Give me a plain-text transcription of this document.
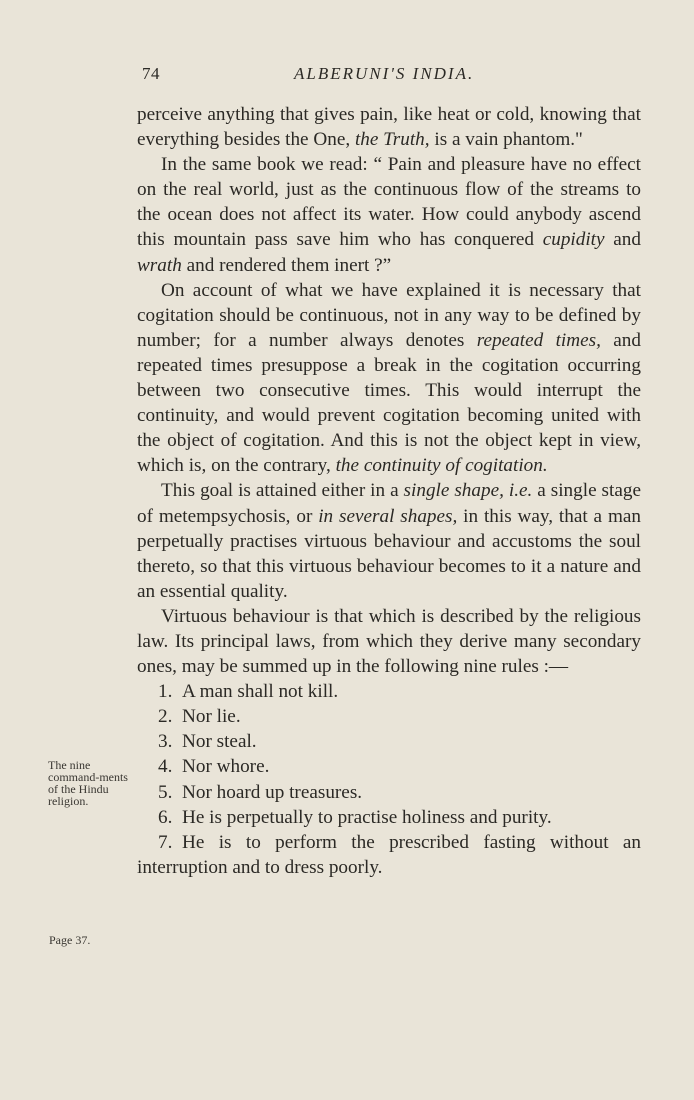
74	ALBERUNI'S INDIA.

perceive anything that gives pain, like heat or cold, knowing that everything besides the One, the Truth, is a vain phantom."

In the same book we read: “ Pain and pleasure have no effect on the real world, just as the continuous flow of the streams to the ocean does not affect its water. How could anybody ascend this mountain pass save him who has conquered cupidity and wrath and rendered them inert ?”

On account of what we have explained it is necessary that cogitation should be continuous, not in any way to be defined by number; for a number always denotes repeated times, and repeated times presuppose a break in the cogitation occurring between two consecutive times. This would interrupt the continuity, and would prevent cogitation becoming united with the object of cogitation. And this is not the object kept in view, which is, on the contrary, the continuity of cogitation.

This goal is attained either in a single shape, i.e. a single stage of metempsychosis, or in several shapes, in this way, that a man perpetually practises virtuous behaviour and accustoms the soul thereto, so that this virtuous behaviour becomes to it a nature and an essential quality.

Virtuous behaviour is that which is described by the religious law. Its principal laws, from which they derive many secondary ones, may be summed up in the following nine rules :—

1. A man shall not kill.

2. Nor lie.

3. Nor steal.

4. Nor whore.

5. Nor hoard up treasures.

6. He is perpetually to practise holiness and purity.

7. He is to perform the prescribed fasting without an interruption and to dress poorly.

The nine command-ments of the Hindu religion.
Page 37.
